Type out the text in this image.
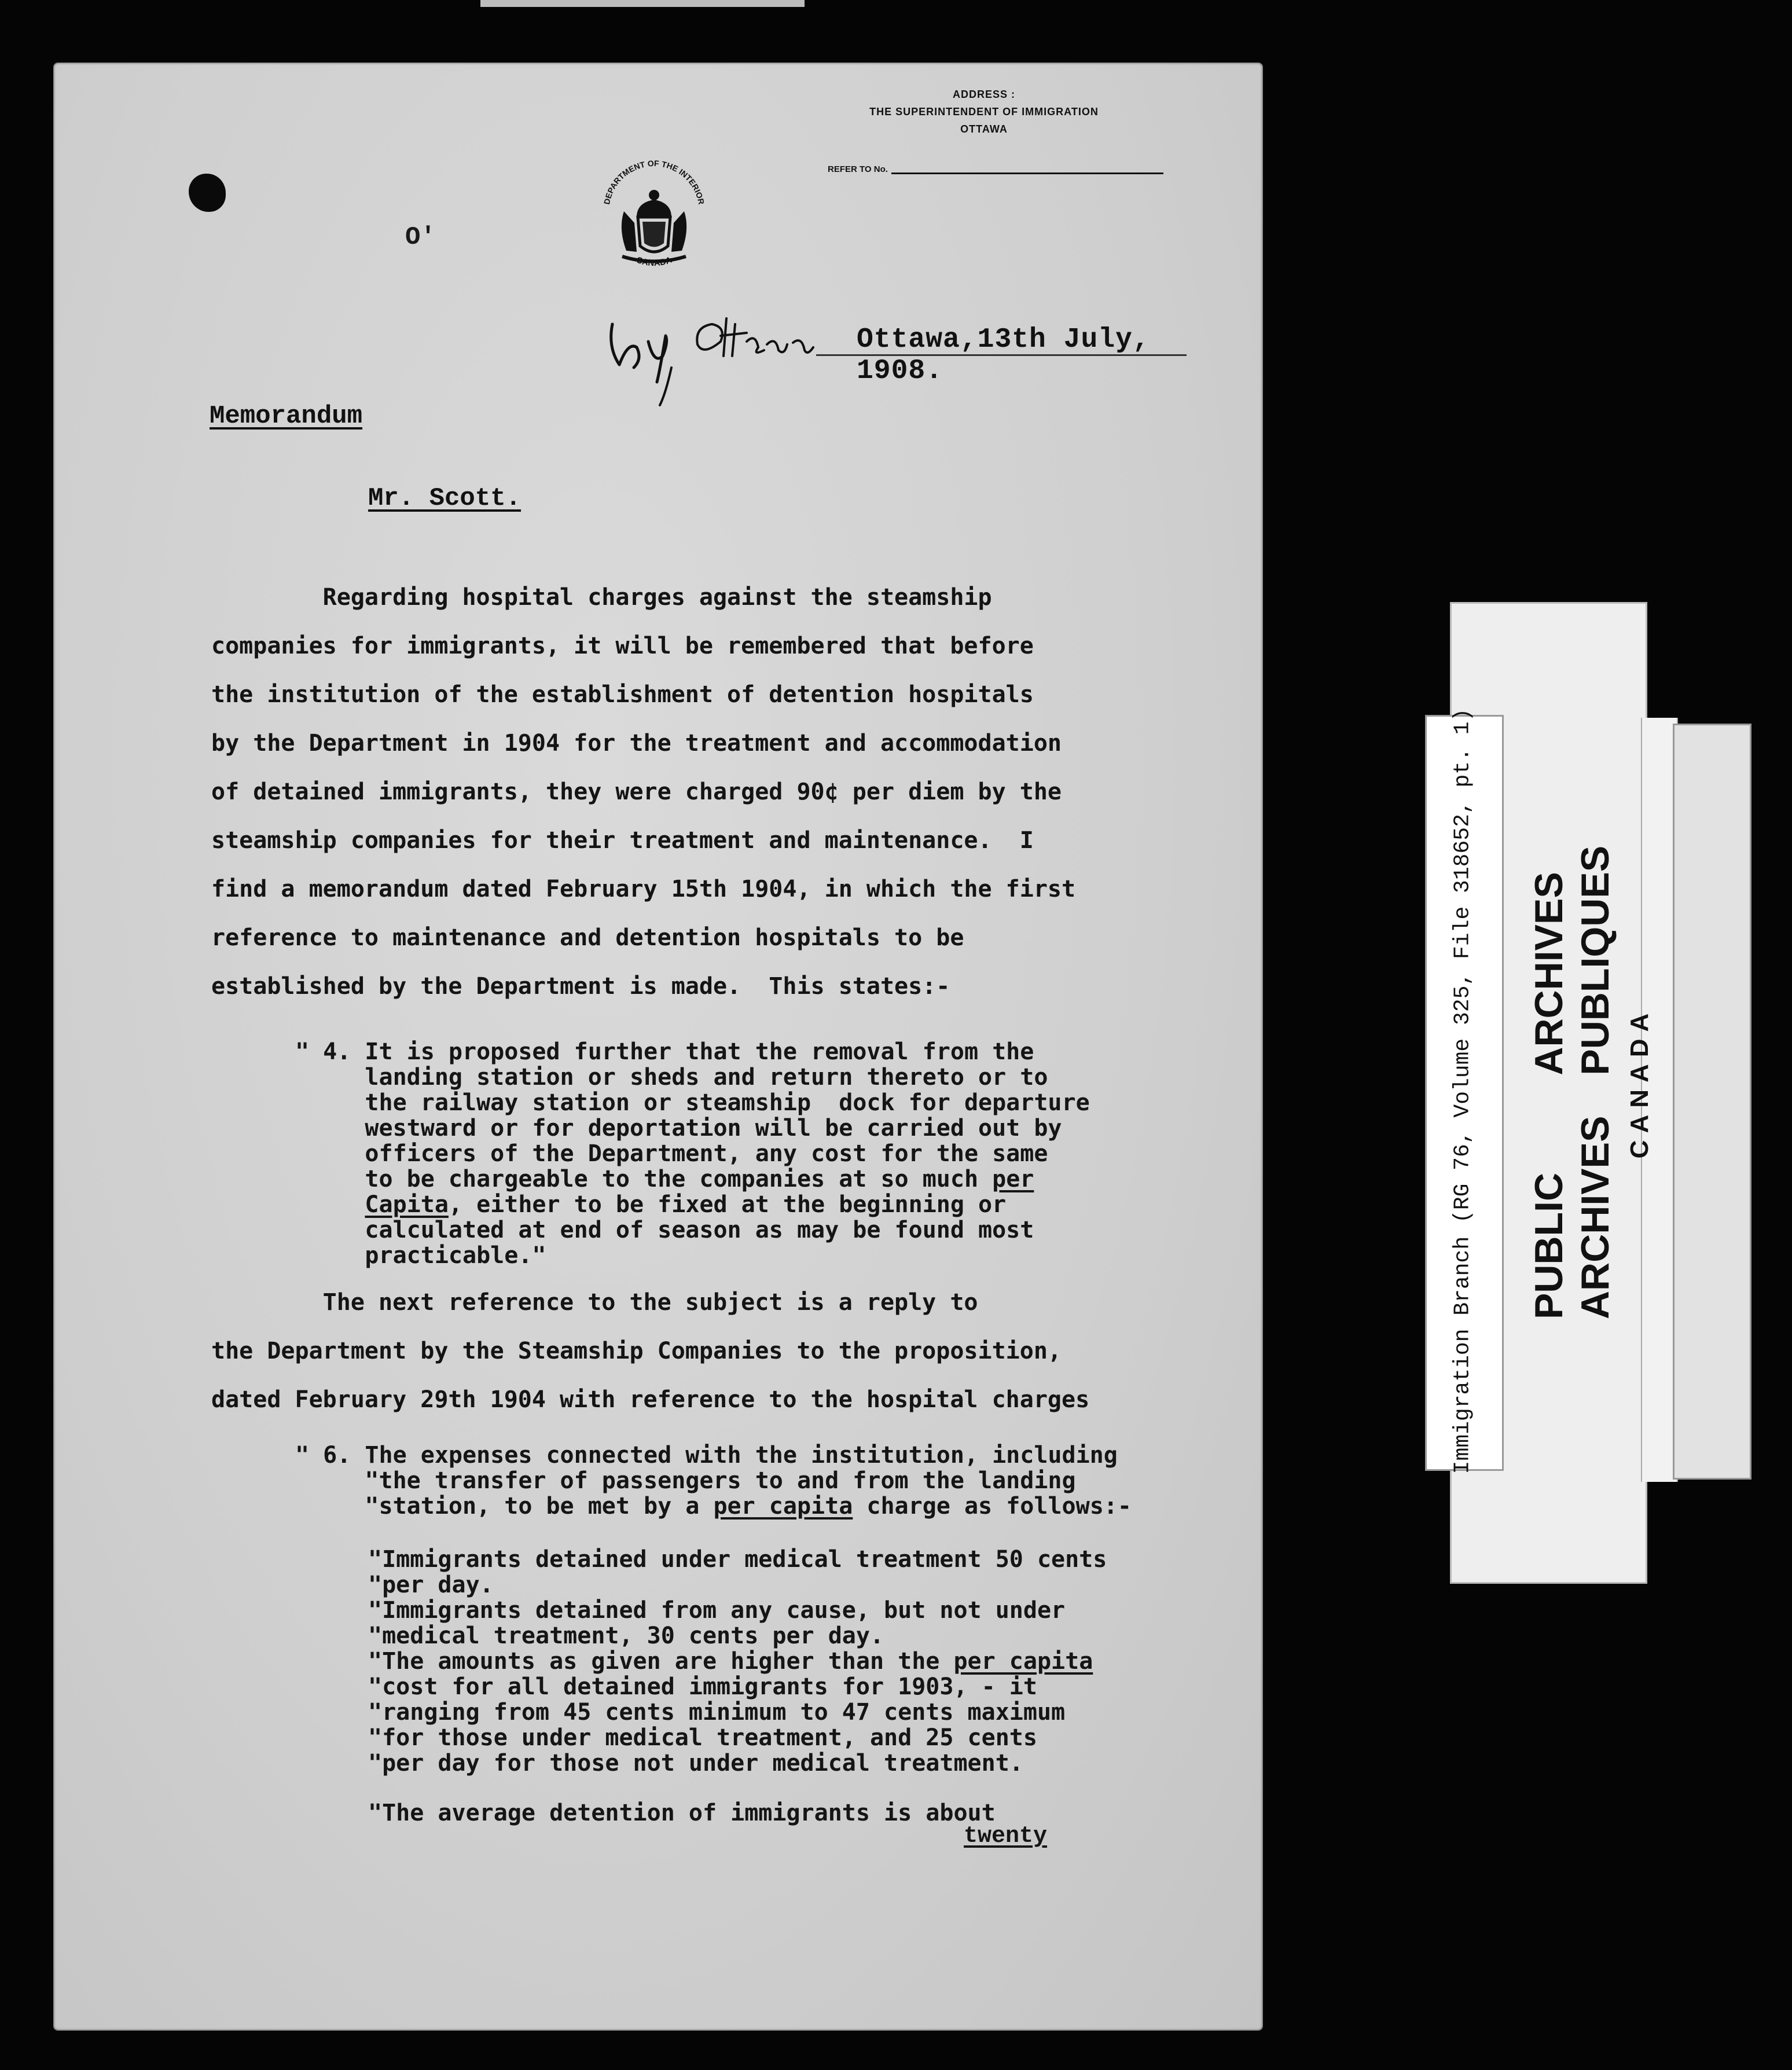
O'
ADDRESS :
THE SUPERINTENDENT OF IMMIGRATION
OTTAWA
REFER TO No.
DEPARTMENT OF THE INTERIOR
CANADA
Ottawa,13th July, 1908.
Memorandum
Mr. Scott.
Regarding hospital charges against the steamship
companies for immigrants, it will be remembered that before
the institution of the establishment of detention hospitals
by the Department in 1904 for the treatment and accommodation
of detained immigrants, they were charged 90¢ per diem by the
steamship companies for their treatment and maintenance.  I
find a memorandum dated February 15th 1904, in which the first
reference to maintenance and detention hospitals to be
established by the Department is made.  This states:-
" 4. It is proposed further that the removal from the
landing station or sheds and return thereto or to
the railway station or steamship  dock for departure
westward or for deportation will be carried out by
officers of the Department, any cost for the same
to be chargeable to the companies at so much per
Capita, either to be fixed at the beginning or
calculated at end of season as may be found most
practicable."
The next reference to the subject is a reply to
the Department by the Steamship Companies to the proposition,
dated February 29th 1904 with reference to the hospital charges
" 6. The expenses connected with the institution, including
"the transfer of passengers to and from the landing
"station, to be met by a per capita charge as follows:-
"Immigrants detained under medical treatment 50 cents
"per day.
"Immigrants detained from any cause, but not under
"medical treatment, 30 cents per day.
"The amounts as given are higher than the per capita
"cost for all detained immigrants for 1903, - it
"ranging from 45 cents minimum to 47 cents maximum
"for those under medical treatment, and 25 cents
"per day for those not under medical treatment.
"The average detention of immigrants is about
twenty
Immigration Branch (RG 76, Volume 325, File 318652, pt. 1) PUBLIC
ARCHIVES
ARCHIVES
PUBLIQUES
CANADA
